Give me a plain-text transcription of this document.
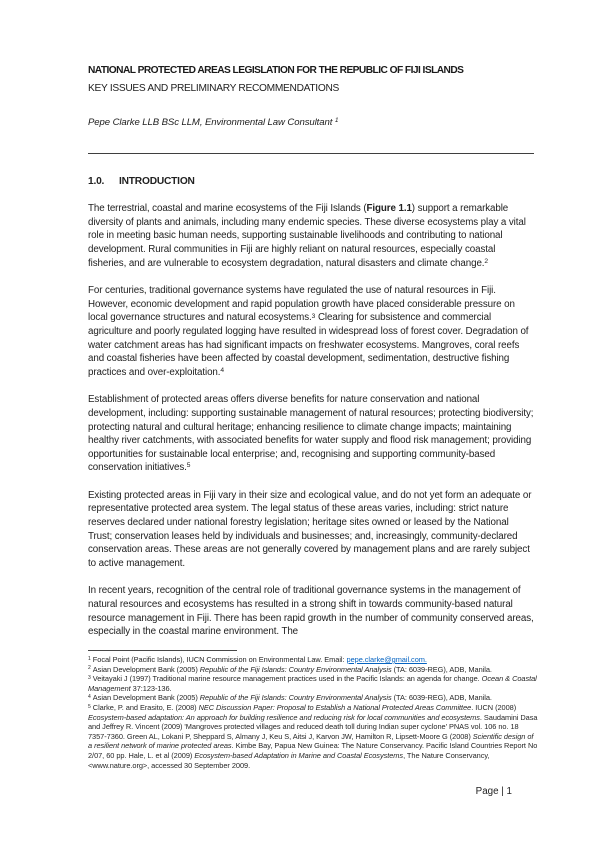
NATIONAL PROTECTED AREAS LEGISLATION FOR THE REPUBLIC OF FIJI ISLANDS
KEY ISSUES AND PRELIMINARY RECOMMENDATIONS
Pepe Clarke LLB BSc LLM, Environmental Law Consultant $^1$
1.0. INTRODUCTION

The terrestrial, coastal and marine ecosystems of the Fiji Islands (Figure 1.1) support a remarkable diversity of plants and animals, including many endemic species. These diverse ecosystems play a vital role in meeting basic human needs, supporting sustainable livelihoods and contributing to national development. Rural communities in Fiji are highly reliant on natural resources, especially coastal fisheries, and are vulnerable to ecosystem degradation, natural disasters and climate change.$^2$

For centuries, traditional governance systems have regulated the use of natural resources in Fiji. However, economic development and rapid population growth have placed considerable pressure on local governance structures and natural ecosystems.$^3$ Clearing for subsistence and commercial agriculture and poorly regulated logging have resulted in widespread loss of forest cover. Degradation of water catchment areas has had significant impacts on freshwater ecosystems. Mangroves, coral reefs and coastal fisheries have been affected by coastal development, sedimentation, destructive fishing practices and over-exploitation.$^4$

Establishment of protected areas offers diverse benefits for nature conservation and national development, including: supporting sustainable management of natural resources; protecting biodiversity; protecting natural and cultural heritage; enhancing resilience to climate change impacts; maintaining healthy river catchments, with associated benefits for water supply and flood risk management; providing opportunities for sustainable local enterprise; and, recognising and supporting community-based conservation initiatives.$^5$

Existing protected areas in Fiji vary in their size and ecological value, and do not yet form an adequate or representative protected area system. The legal status of these areas varies, including: strict nature reserves declared under national forestry legislation; heritage sites owned or leased by the National Trust; conservation leases held by individuals and businesses; and, increasingly, community-declared conservation areas. These areas are not generally covered by management plans and are rarely subject to active management.

In recent years, recognition of the central role of traditional governance systems in the management of natural resources and ecosystems has resulted in a strong shift in towards community-based natural resource management in Fiji. There has been rapid growth in the number of community conserved areas, especially in the coastal marine environment. The

$^1$ Focal Point (Pacific Islands), IUCN Commission on Environmental Law. Email: pepe.clarke@gmail.com.
$^2$ Asian Development Bank (2005) Republic of the Fiji Islands: Country Environmental Analysis (TA: 6039-REG), ADB, Manila.
$^3$ Veitayaki J (1997) Traditional marine resource management practices used in the Pacific Islands: an agenda for change. Ocean & Coastal Management 37:123-136.
$^4$ Asian Development Bank (2005) Republic of the Fiji Islands: Country Environmental Analysis (TA: 6039-REG), ADB, Manila.
$^5$ Clarke, P. and Erasito, E. (2008) NEC Discussion Paper: Proposal to Establish a National Protected Areas Committee. IUCN (2008) Ecosystem-based adaptation: An approach for building resilience and reducing risk for local communities and ecosystems. Saudamini Dasa and Jeffrey R. Vincent (2009) 'Mangroves protected villages and reduced death toll during Indian super cyclone' PNAS vol. 106 no. 18 7357-7360. Green AL, Lokani P, Sheppard S, Almany J, Keu S, Aitsi J, Karvon JW, Hamilton R, Lipsett-Moore G (2008) Scientific design of a resilient network of marine protected areas. Kimbe Bay, Papua New Guinea: The Nature Conservancy. Pacific Island Countries Report No 2/07, 60 pp. Hale, L. et al (2009) Ecosystem-based Adaptation in Marine and Coastal Ecosystems, The Nature Conservancy, <www.nature.org>, accessed 30 September 2009.
Page | 1
